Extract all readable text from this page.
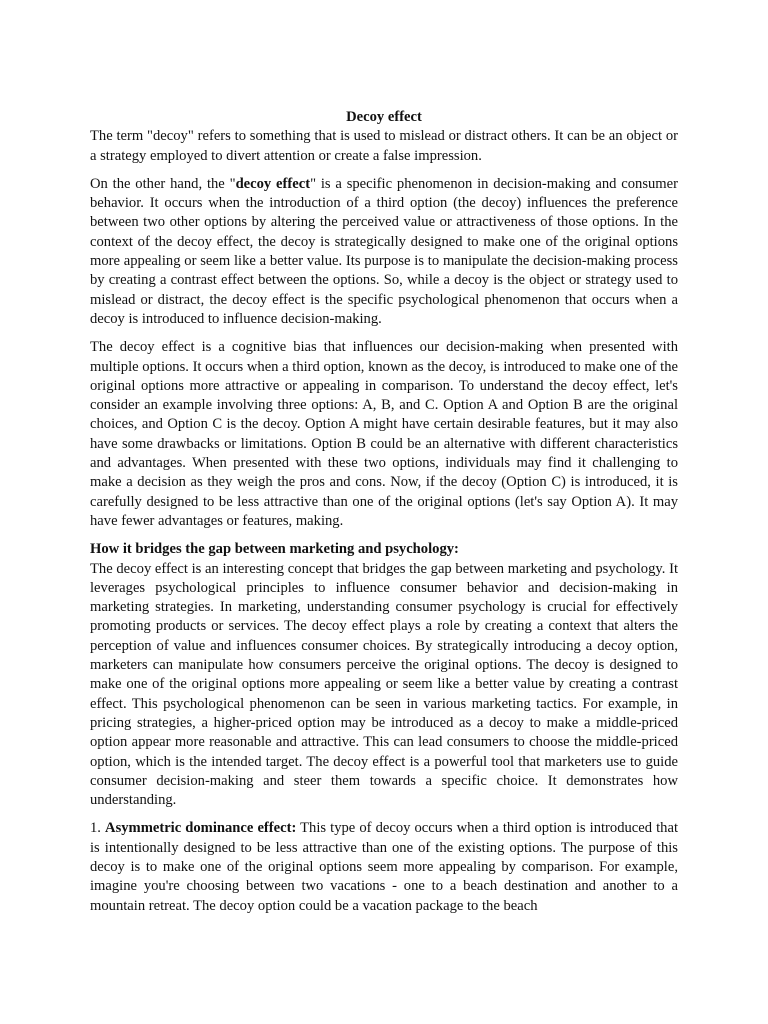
Decoy effect

The term "decoy" refers to something that is used to mislead or distract others. It can be an object or a strategy employed to divert attention or create a false impression.

On the other hand, the "decoy effect" is a specific phenomenon in decision-making and consumer behavior. It occurs when the introduction of a third option (the decoy) influences the preference between two other options by altering the perceived value or attractiveness of those options. In the context of the decoy effect, the decoy is strategically designed to make one of the original options more appealing or seem like a better value. Its purpose is to manipulate the decision-making process by creating a contrast effect between the options. So, while a decoy is the object or strategy used to mislead or distract, the decoy effect is the specific psychological phenomenon that occurs when a decoy is introduced to influence decision-making.

The decoy effect is a cognitive bias that influences our decision-making when presented with multiple options. It occurs when a third option, known as the decoy, is introduced to make one of the original options more attractive or appealing in comparison. To understand the decoy effect, let's consider an example involving three options: A, B, and C. Option A and Option B are the original choices, and Option C is the decoy. Option A might have certain desirable features, but it may also have some drawbacks or limitations. Option B could be an alternative with different characteristics and advantages. When presented with these two options, individuals may find it challenging to make a decision as they weigh the pros and cons. Now, if the decoy (Option C) is introduced, it is carefully designed to be less attractive than one of the original options (let's say Option A). It may have fewer advantages or features, making.

How it bridges the gap between marketing and psychology:

The decoy effect is an interesting concept that bridges the gap between marketing and psychology. It leverages psychological principles to influence consumer behavior and decision-making in marketing strategies. In marketing, understanding consumer psychology is crucial for effectively promoting products or services. The decoy effect plays a role by creating a context that alters the perception of value and influences consumer choices. By strategically introducing a decoy option, marketers can manipulate how consumers perceive the original options. The decoy is designed to make one of the original options more appealing or seem like a better value by creating a contrast effect. This psychological phenomenon can be seen in various marketing tactics. For example, in pricing strategies, a higher-priced option may be introduced as a decoy to make a middle-priced option appear more reasonable and attractive. This can lead consumers to choose the middle-priced option, which is the intended target. The decoy effect is a powerful tool that marketers use to guide consumer decision-making and steer them towards a specific choice. It demonstrates how understanding.

1. Asymmetric dominance effect: This type of decoy occurs when a third option is introduced that is intentionally designed to be less attractive than one of the existing options. The purpose of this decoy is to make one of the original options seem more appealing by comparison. For example, imagine you're choosing between two vacations - one to a beach destination and another to a mountain retreat. The decoy option could be a vacation package to the beach
